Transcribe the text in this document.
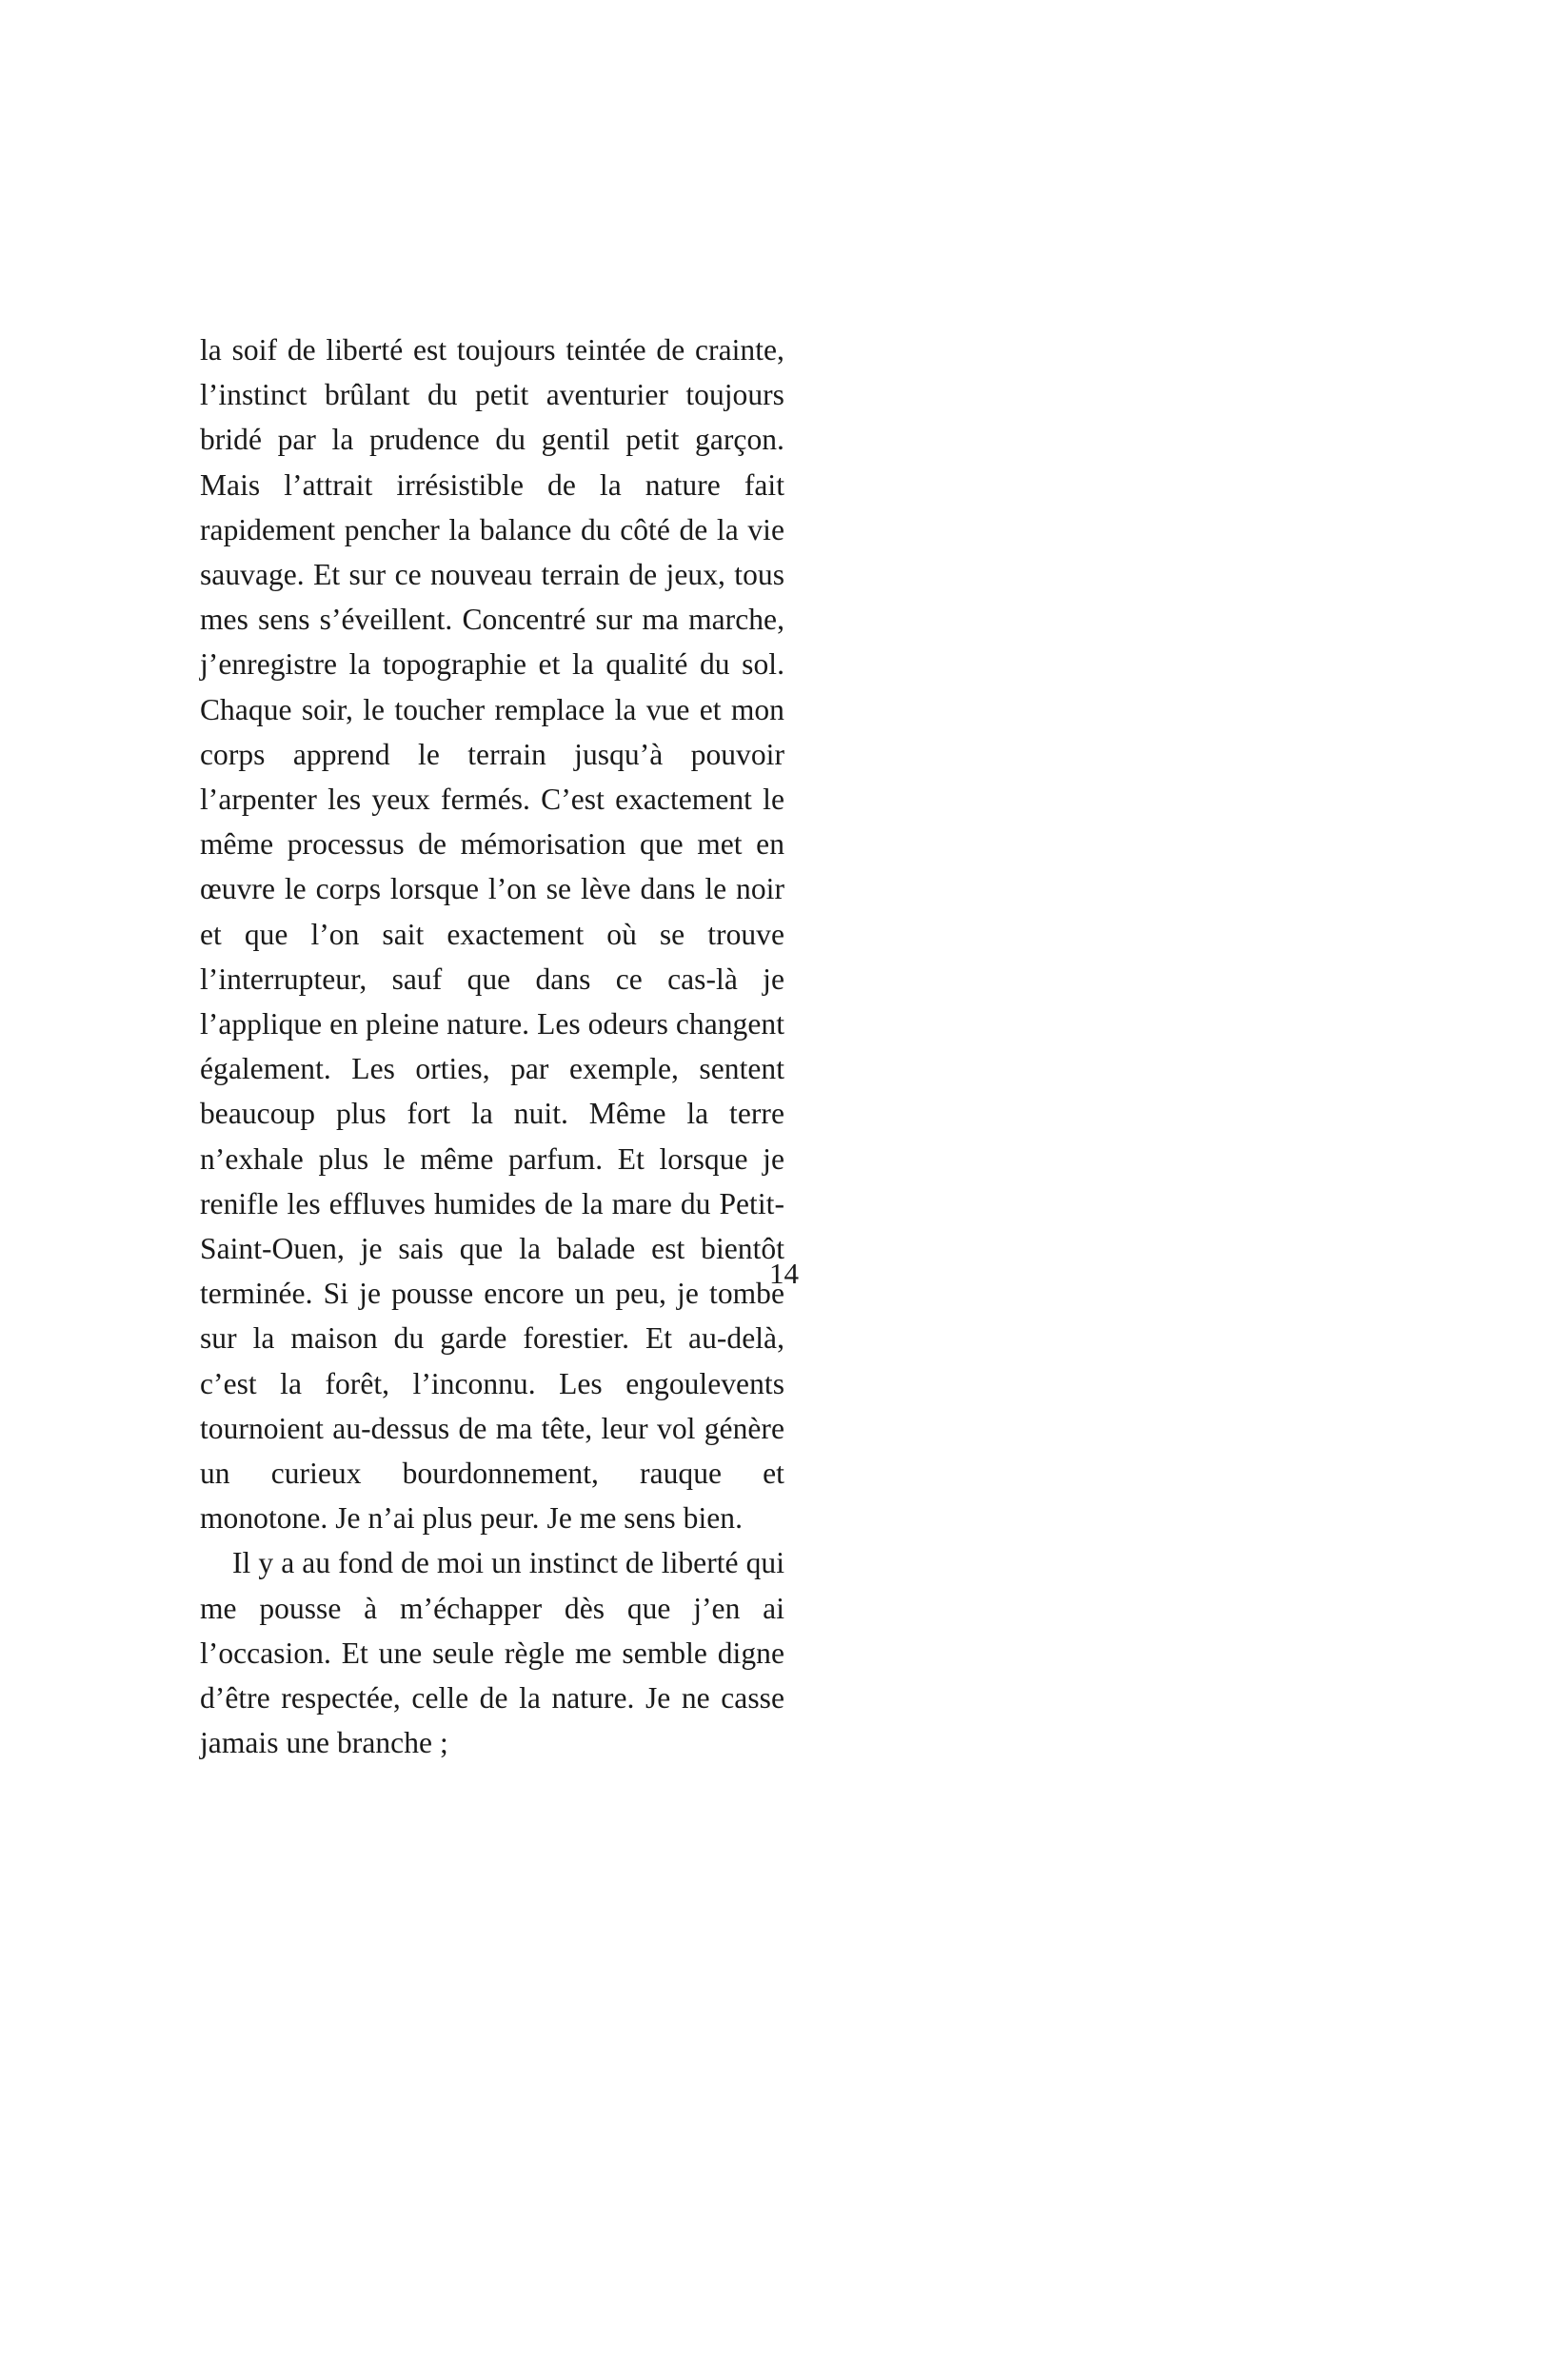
la soif de liberté est toujours teintée de crainte, l’instinct brûlant du petit aventurier toujours bridé par la prudence du gentil petit garçon. Mais l’attrait irrésistible de la nature fait rapidement pencher la balance du côté de la vie sauvage. Et sur ce nouveau terrain de jeux, tous mes sens s’éveillent. Concentré sur ma marche, j’enregistre la topographie et la qualité du sol. Chaque soir, le toucher remplace la vue et mon corps apprend le terrain jusqu’à pouvoir l’arpenter les yeux fermés. C’est exactement le même processus de mémorisation que met en œuvre le corps lorsque l’on se lève dans le noir et que l’on sait exactement où se trouve l’interrupteur, sauf que dans ce cas-là je l’applique en pleine nature. Les odeurs changent également. Les orties, par exemple, sentent beaucoup plus fort la nuit. Même la terre n’exhale plus le même parfum. Et lorsque je renifle les effluves humides de la mare du Petit-Saint-Ouen, je sais que la balade est bientôt terminée. Si je pousse encore un peu, je tombe sur la maison du garde forestier. Et au-delà, c’est la forêt, l’inconnu. Les engoulevents tournoient au-dessus de ma tête, leur vol génère un curieux bourdonnement, rauque et monotone. Je n’ai plus peur. Je me sens bien.

Il y a au fond de moi un instinct de liberté qui me pousse à m’échapper dès que j’en ai l’occasion. Et une seule règle me semble digne d’être respectée, celle de la nature. Je ne casse jamais une branche ;

14
